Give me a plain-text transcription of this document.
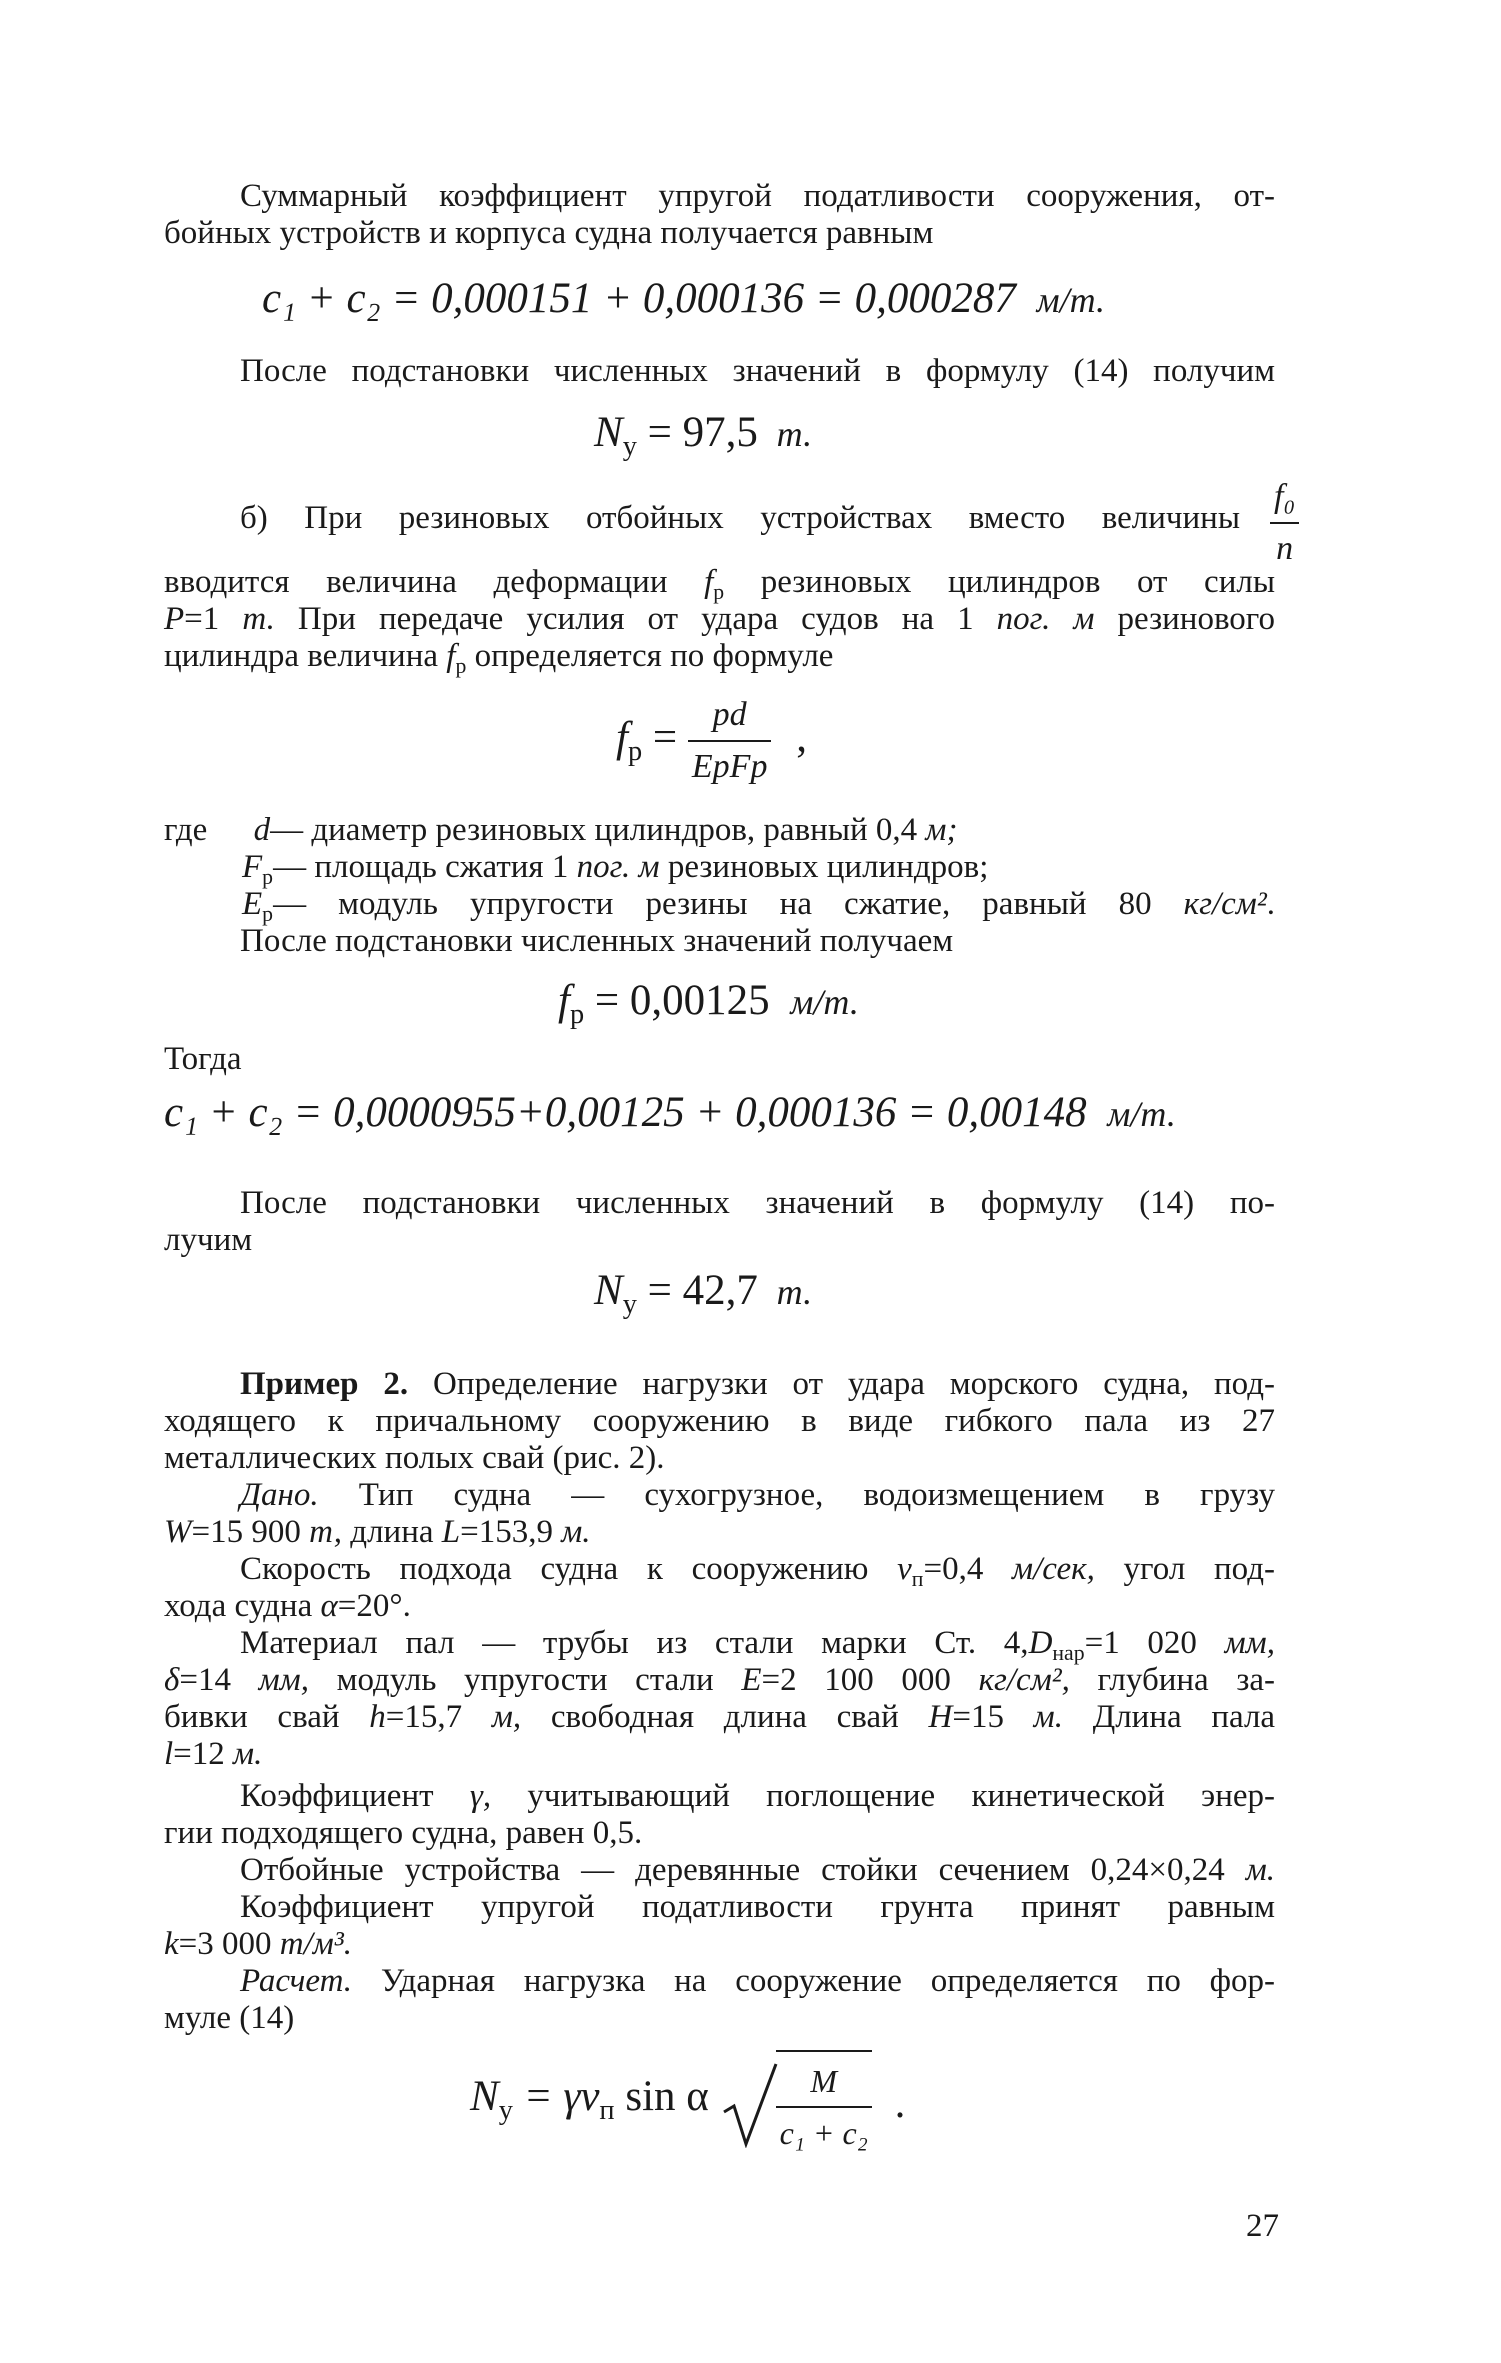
Суммарный коэффициент упругой податливости сооружения, от-
бойных устройств и корпуса судна получается равным
c₁ + c₂ = 0,000151 + 0,000136 = 0,000287 м/т.
После подстановки численных значений в формулу (14) получим
$N_у = 97,5$ т.
б) При резиновых отбойных устройствах вместо величины $\frac{\text{f₀}}{n}$
вводится величина деформации $f_р$ резиновых цилиндров от силы
P=1 т. При передаче усилия от удара судов на 1 пог. м резинового
цилиндра величина $f_р$ определяется по формуле
$f_р = \frac{pd}{\text{EрFр}}$ ,
где d— диаметр резиновых цилиндров, равный 0,4 м;
$F_р—$ площадь сжатия 1 пог. м резиновых цилиндров;
$E_р—$ модуль упругости резины на сжатие, равный 80 кг/см².
После подстановки численных значений получаем
$f_р = 0,00125$ м/т.
Тогда
c₁ + c₂ = 0,0000955+0,00125 + 0,000136 = 0,00148 м/т.
После подстановки численных значений в формулу (14) по-
лучим
$N_у = 42,7$ т.
Пример 2. Определение нагрузки от удара морского судна, под-
ходящего к причальному сооружению в виде гибкого пала из 27
металлических полых свай (рис. 2).
Дано. Тип судна — сухогрузное, водоизмещением в грузу
W=15 900 т, длина L=153,9 м.
Скорость подхода судна к сооружению $v_п=0,4$ м/сек, угол под-
хода судна α=20°.
Материал пал — трубы из стали марки Ст. $4,D_{нар}=1$ 020 мм,
δ=14 мм, модуль упругости стали E=2 100 000 кг/см², глубина за-
бивки свай h=15,7 м, свободная длина свай H=15 м. Длина пала
l=12 м.
Коэффициент γ, учитывающий поглощение кинетической энер-
гии подходящего судна, равен 0,5.
Отбойные устройства — деревянные стойки сечением 0,24×0,24 м.
Коэффициент упругой податливости грунта принят равным
k=3 000 т/м³.
Расчет. Ударная нагрузка на сооружение определяется по фор-
муле (14)
$N_у = \gamma v_п$ sin α $\frac{M}{\text{c₁ + c₂}}$ .
27
